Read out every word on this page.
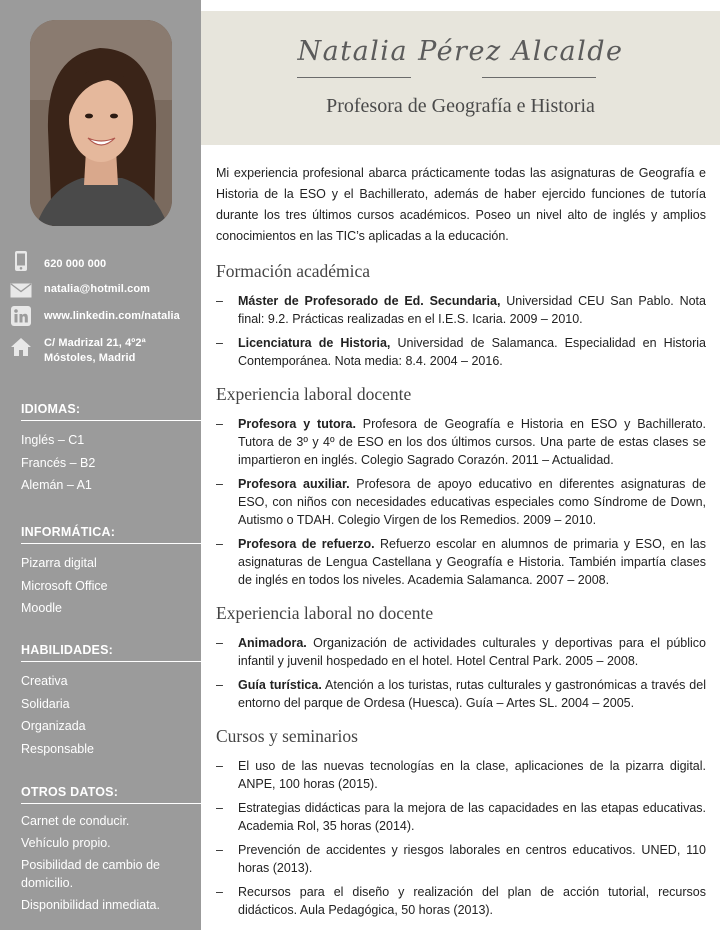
620 000 000
natalia@hotmil.com
www.linkedin.com/natalia
C/ Madrizal 21, 4º2ª
Móstoles, Madrid
IDIOMAS:
Inglés – C1
Francés – B2
Alemán – A1
INFORMÁTICA:
Pizarra digital
Microsoft Office
Moodle
HABILIDADES:
Creativa
Solidaria
Organizada
Responsable
OTROS DATOS:
Carnet de conducir.
Vehículo propio.
Posibilidad de cambio de domicilio.
Disponibilidad inmediata.
Natalia Pérez Alcalde
Profesora de Geografía e Historia

Mi experiencia profesional abarca prácticamente todas las asignaturas de Geografía e Historia de la ESO y el Bachillerato, además de haber ejercido funciones de tutoría durante los tres últimos cursos académicos. Poseo un nivel alto de inglés y amplios conocimientos en las TIC’s aplicadas a la educación.

Formación académica
–	Máster de Profesorado de Ed. Secundaria, Universidad CEU San Pablo. Nota final: 9.2. Prácticas realizadas en el I.E.S. Icaria. 2009 – 2010.
–	Licenciatura de Historia, Universidad de Salamanca. Especialidad en Historia Contemporánea. Nota media: 8.4. 2004 – 2016.
Experiencia laboral docente
–	Profesora y tutora. Profesora de Geografía e Historia en ESO y Bachillerato. Tutora de 3º y 4º de ESO en los dos últimos cursos. Una parte de estas clases se impartieron en inglés. Colegio Sagrado Corazón. 2011 – Actualidad.
–	Profesora auxiliar. Profesora de apoyo educativo en diferentes asignaturas de ESO, con niños con necesidades educativas especiales como Síndrome de Down, Autismo o TDAH. Colegio Virgen de los Remedios. 2009 – 2010.
–	Profesora de refuerzo. Refuerzo escolar en alumnos de primaria y ESO, en las asignaturas de Lengua Castellana y Geografía e Historia. También impartía clases de inglés en todos los niveles. Academia Salamanca. 2007 – 2008.
Experiencia laboral no docente
–	Animadora. Organización de actividades culturales y deportivas para el público infantil y juvenil hospedado en el hotel. Hotel Central Park. 2005 – 2008.
–	Guía turística. Atención a los turistas, rutas culturales y gastronómicas a través del entorno del parque de Ordesa (Huesca). Guía – Artes SL. 2004 – 2005.
Cursos y seminarios
–	El uso de las nuevas tecnologías en la clase, aplicaciones de la pizarra digital. ANPE, 100 horas (2015).
–	Estrategias didácticas para la mejora de las capacidades en las etapas educativas. Academia Rol, 35 horas (2014).
–	Prevención de accidentes y riesgos laborales en centros educativos. UNED, 110 horas (2013).
–	Recursos para el diseño y realización del plan de acción tutorial, recursos didácticos. Aula Pedagógica, 50 horas (2013).
